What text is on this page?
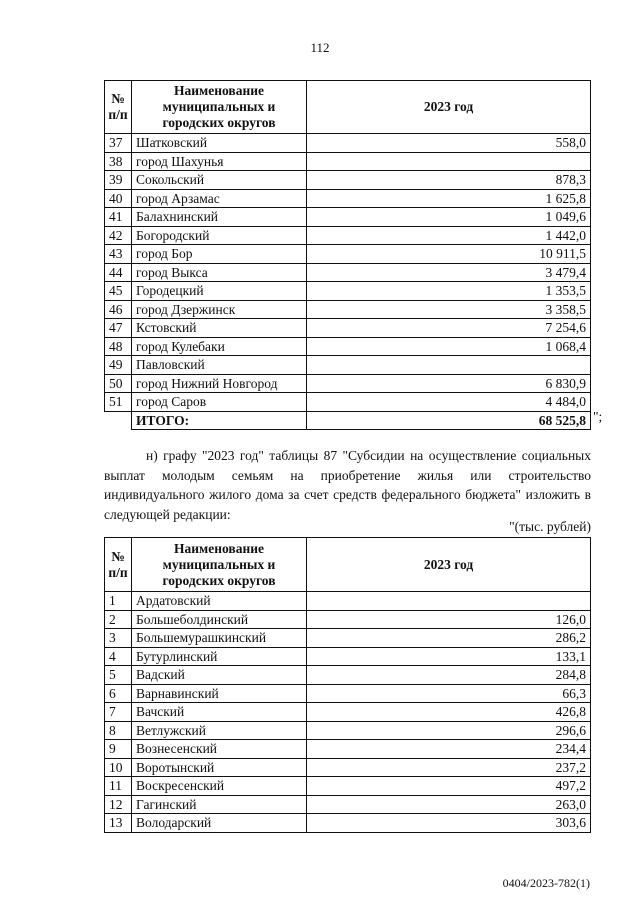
112
№ п/п	Наименование муниципальных и городских округов	2023 год
37	Шатковский	558,0
38	город Шахунья	
39	Сокольский	878,3
40	город Арзамас	1 625,8
41	Балахнинский	1 049,6
42	Богородский	1 442,0
43	город Бор	10 911,5
44	город Выкса	3 479,4
45	Городецкий	1 353,5
46	город Дзержинск	3 358,5
47	Кстовский	7 254,6
48	город Кулебаки	1 068,4
49	Павловский	
50	город Нижний Новгород	6 830,9
51	город Саров	4 484,0
	ИТОГО:	68 525,8 ";
н) графу "2023 год" таблицы 87 "Субсидии на осуществление социальных выплат молодым семьям на приобретение жилья или строительство индивидуального жилого дома за счет средств федерального бюджета" изложить в следующей редакции:
"(тыс. рублей)
№ п/п	Наименование муниципальных и городских округов	2023 год
1	Ардатовский	
2	Большеболдинский	126,0
3	Большемурашкинский	286,2
4	Бутурлинский	133,1
5	Вадский	284,8
6	Варнавинский	66,3
7	Вачский	426,8
8	Ветлужский	296,6
9	Вознесенский	234,4
10	Воротынский	237,2
11	Воскресенский	497,2
12	Гагинский	263,0
13	Володарский	303,6
0404/2023-782(1)
